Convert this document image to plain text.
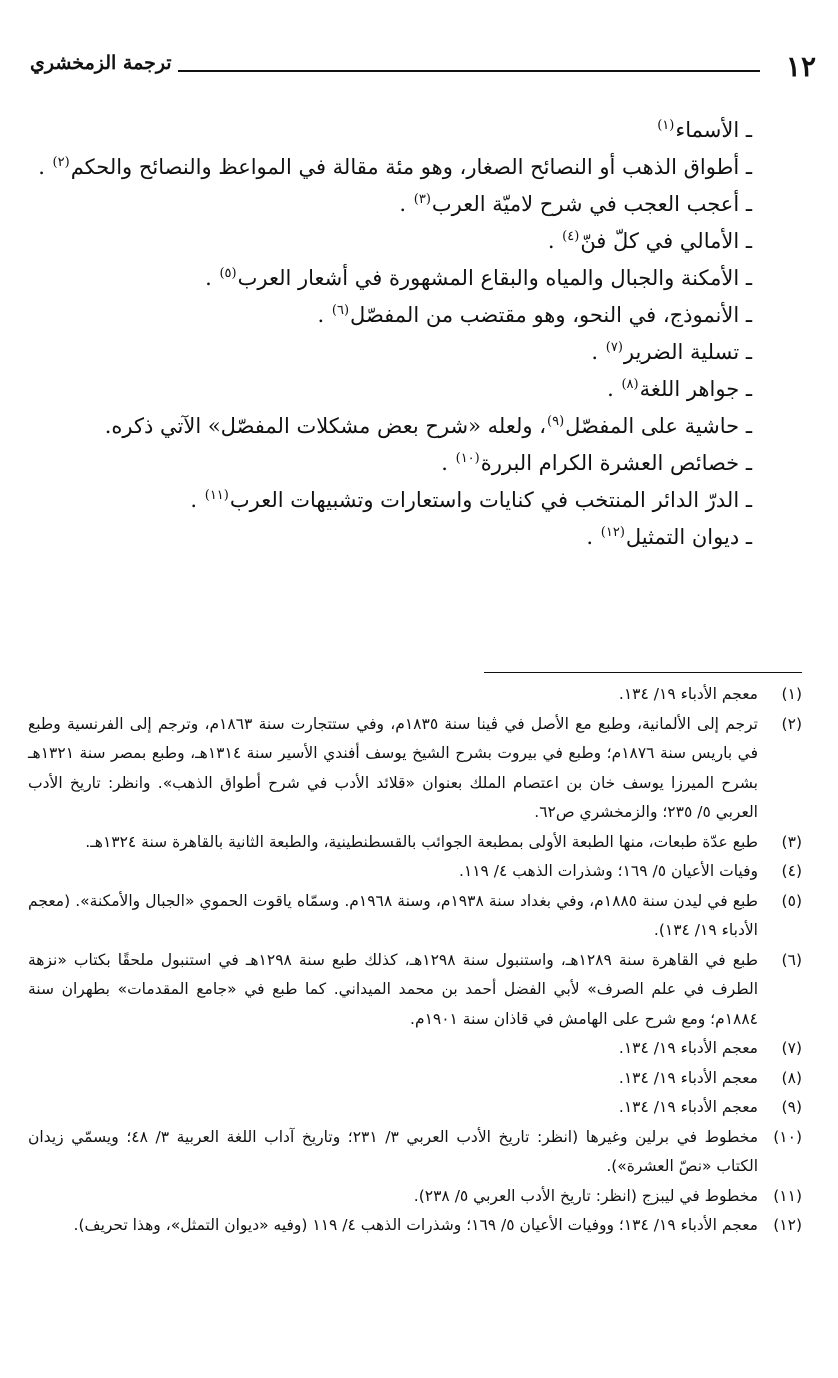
١٢
ترجمة الزمخشري
ـ الأسماء$^{(١)}$
ـ أطواق الذهب أو النصائح الصغار، وهو مئة مقالة في المواعظ والنصائح والحكم$^{(٢)}$ .
ـ أعجب العجب في شرح لاميّة العرب$^{(٣)}$ .
ـ الأمالي في كلّ فنّ$^{(٤)}$ .
ـ الأمكنة والجبال والمياه والبقاع المشهورة في أشعار العرب$^{(٥)}$ .
ـ الأنموذج، في النحو، وهو مقتضب من المفصّل$^{(٦)}$ .
ـ تسلية الضرير$^{(٧)}$ .
ـ جواهر اللغة$^{(٨)}$ .
ـ حاشية على المفصّل$^{(٩)}$، ولعله «شرح بعض مشكلات المفصّل» الآتي ذكره.
ـ خصائص العشرة الكرام البررة$^{(١٠)}$ .
ـ الدرّ الدائر المنتخب في كنايات واستعارات وتشبيهات العرب$^{(١١)}$ .
ـ ديوان التمثيل$^{(١٢)}$ .
(١)
معجم الأدباء ١٩/ ١٣٤.
(٢)
ترجم إلى الألمانية، وطبع مع الأصل في ڤينا سنة ١٨٣٥م، وفي ستتجارت سنة ١٨٦٣م، وترجم إلى الفرنسية وطبع في باريس سنة ١٨٧٦م؛ وطبع في بيروت بشرح الشيخ يوسف أفندي الأسير سنة ١٣١٤هـ، وطبع بمصر سنة ١٣٢١هـ بشرح الميرزا يوسف خان بن اعتصام الملك بعنوان «قلائد الأدب في شرح أطواق الذهب». وانظر: تاريخ الأدب العربي ٥/ ٢٣٥؛ والزمخشري ص٦٢.
(٣)
طبع عدّة طبعات، منها الطبعة الأولى بمطبعة الجوائب بالقسطنطينية، والطبعة الثانية بالقاهرة سنة ١٣٢٤هـ.
(٤)
وفيات الأعيان ٥/ ١٦٩؛ وشذرات الذهب ٤/ ١١٩.
(٥)
طبع في ليدن سنة ١٨٨٥م، وفي بغداد سنة ١٩٣٨م، وسنة ١٩٦٨م. وسمّاه ياقوت الحموي «الجبال والأمكنة». (معجم الأدباء ١٩/ ١٣٤).
(٦)
طبع في القاهرة سنة ١٢٨٩هـ، واستنبول سنة ١٢٩٨هـ، كذلك طبع سنة ١٢٩٨هـ في استنبول ملحقًا بكتاب «نزهة الطرف في علم الصرف» لأبي الفضل أحمد بن محمد الميداني. كما طبع في «جامع المقدمات» بطهران سنة ١٨٨٤م؛ ومع شرح على الهامش في قاذان سنة ١٩٠١م.
(٧)
معجم الأدباء ١٩/ ١٣٤.
(٨)
معجم الأدباء ١٩/ ١٣٤.
(٩)
معجم الأدباء ١٩/ ١٣٤.
(١٠)
مخطوط في برلين وغيرها (انظر: تاريخ الأدب العربي ٣/ ٢٣١؛ وتاريخ آداب اللغة العربية ٣/ ٤٨؛ ويسمّي زيدان الكتاب «نصّ العشرة»).
(١١)
مخطوط في ليبزج (انظر: تاريخ الأدب العربي ٥/ ٢٣٨).
(١٢)
معجم الأدباء ١٩/ ١٣٤؛ ووفيات الأعيان ٥/ ١٦٩؛ وشذرات الذهب ٤/ ١١٩ (وفيه «ديوان التمثل»، وهذا تحريف).
